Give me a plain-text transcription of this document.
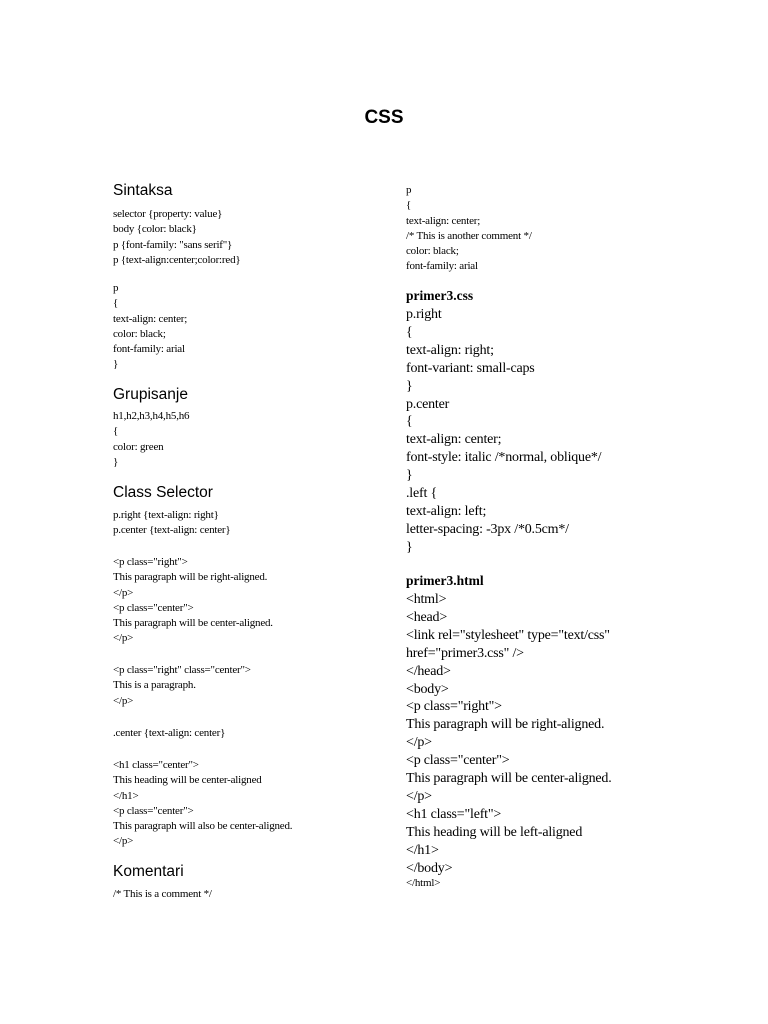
CSS
Sintaksa
selector {property: value}
body {color: black}
p {font-family: "sans serif"}
p {text-align:center;color:red}
p
{
text-align: center;
color: black;
font-family: arial
}
Grupisanje
h1,h2,h3,h4,h5,h6
{
color: green
}
Class Selector
p.right {text-align: right}
p.center {text-align: center}
<p class="right">
This paragraph will be right-aligned.
</p>
<p class="center">
This paragraph will be center-aligned.
</p>
<p class="right" class="center">
This is a paragraph.
</p>
.center {text-align: center}
<h1 class="center">
This heading will be center-aligned
</h1>
<p class="center">
This paragraph will also be center-aligned.
</p>
Komentari
/* This is a comment */
p
{
text-align: center;
/* This is another comment */
color: black;
font-family: arial

primer3.css

p.right
{
text-align: right;
font-variant: small-caps
}
p.center
{
text-align: center;
font-style: italic /*normal, oblique*/
}
.left {
text-align: left;
letter-spacing: -3px /*0.5cm*/
}

primer3.html

<html>
<head>
<link rel="stylesheet" type="text/css"
href="primer3.css" />
</head>
<body>
<p class="right">
This paragraph will be right-aligned.
</p>
<p class="center">
This paragraph will be center-aligned.
</p>
<h1 class="left">
This heading will be left-aligned
</h1>
</body>
</html>
